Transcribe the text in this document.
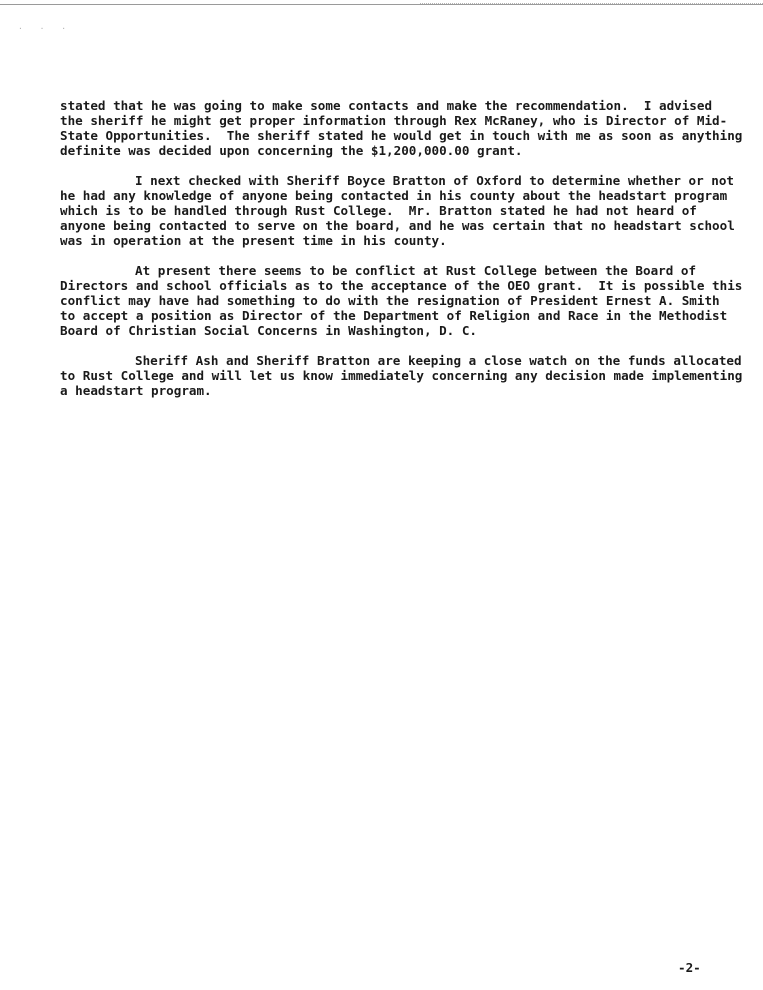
· · ·
stated that he was going to make some contacts and make the recommendation.  I advised
the sheriff he might get proper information through Rex McRaney, who is Director of Mid-
State Opportunities.  The sheriff stated he would get in touch with me as soon as anything
definite was decided upon concerning the $1,200,000.00 grant.
I next checked with Sheriff Boyce Bratton of Oxford to determine whether or not
he had any knowledge of anyone being contacted in his county about the headstart program
which is to be handled through Rust College.  Mr. Bratton stated he had not heard of
anyone being contacted to serve on the board, and he was certain that no headstart school
was in operation at the present time in his county.
At present there seems to be conflict at Rust College between the Board of
Directors and school officials as to the acceptance of the OEO grant.  It is possible this
conflict may have had something to do with the resignation of President Ernest A. Smith
to accept a position as Director of the Department of Religion and Race in the Methodist
Board of Christian Social Concerns in Washington, D. C.
Sheriff Ash and Sheriff Bratton are keeping a close watch on the funds allocated
to Rust College and will let us know immediately concerning any decision made implementing
a headstart program.
-2-
